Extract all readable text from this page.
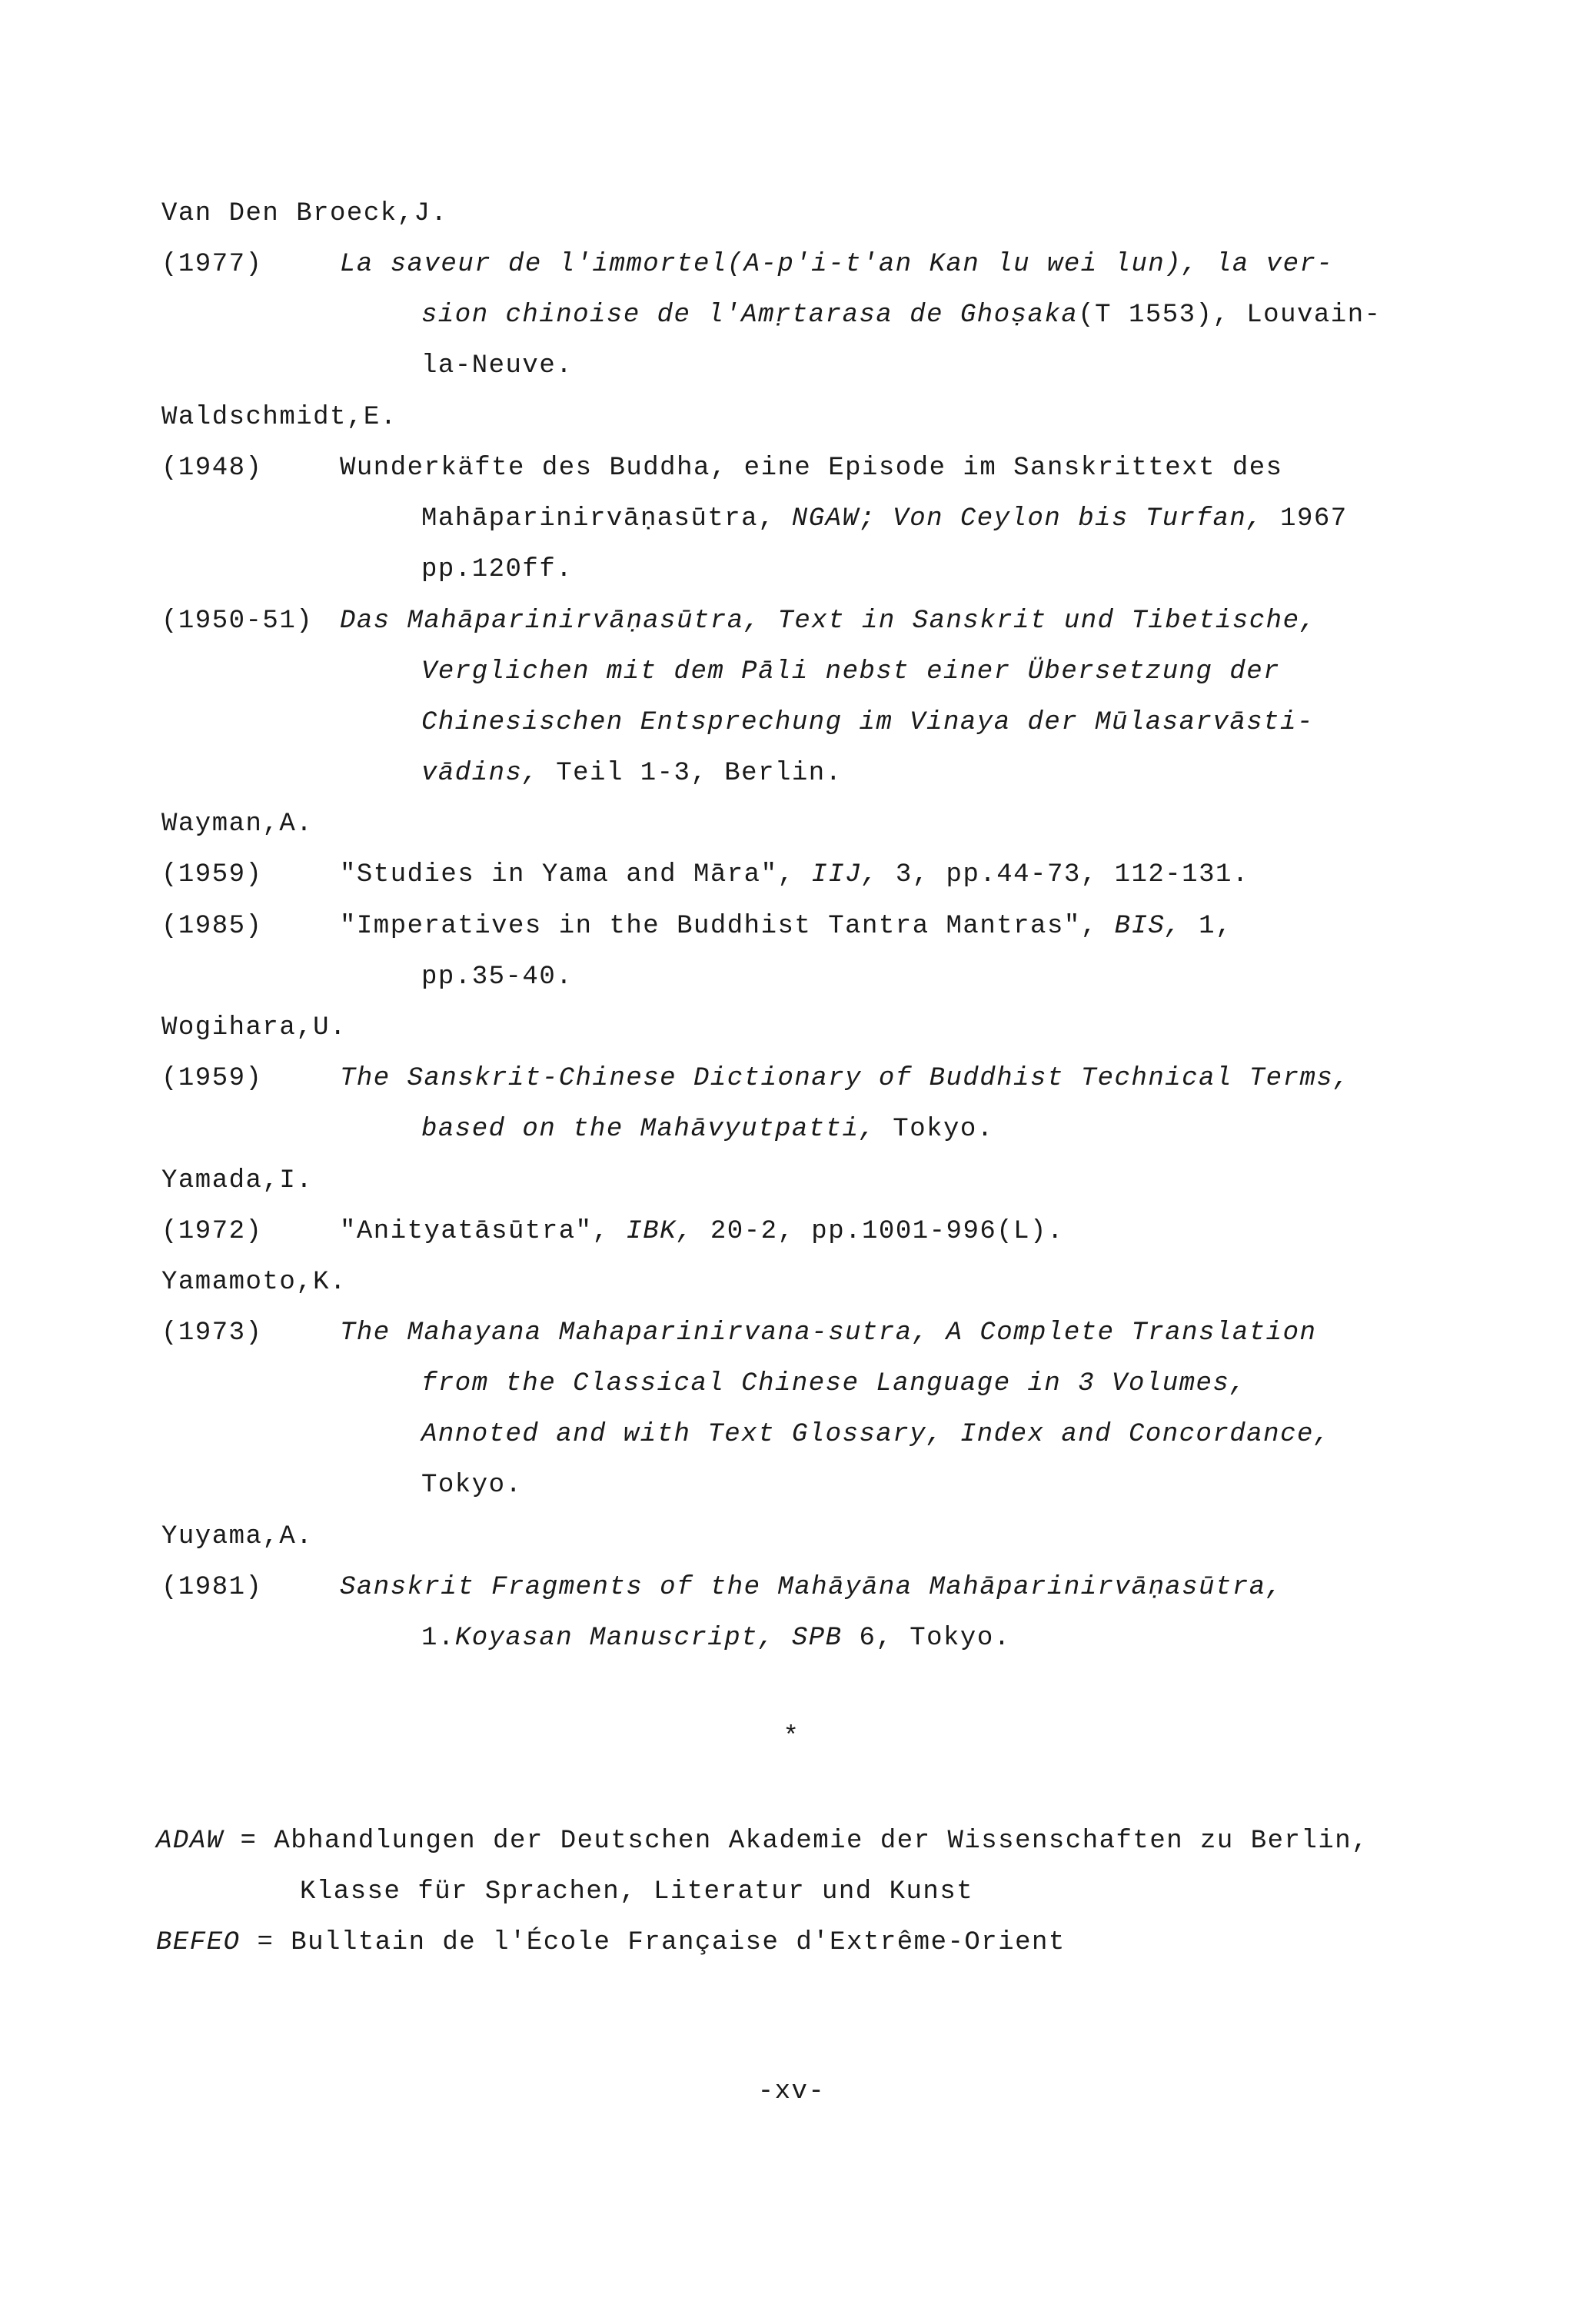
Van Den Broeck,J.
(1977)	La saveur de l'immortel(A-p'i-t'an Kan lu wei lun), la ver-
sion chinoise de l'Amṛtarasa de Ghoṣaka(T 1553), Louvain-
la-Neuve.
Waldschmidt,E.
(1948)	Wunderkäfte des Buddha, eine Episode im Sanskrittext des
Mahāparinirvāṇasūtra, NGAW; Von Ceylon bis Turfan, 1967
pp.120ff.
(1950-51) Das Mahāparinirvāṇasūtra, Text in Sanskrit und Tibetische,
Verglichen mit dem Pāli nebst einer Übersetzung der
Chinesischen Entsprechung im Vinaya der Mūlasarvāsti-
vādins, Teil 1-3, Berlin.
Wayman,A.
(1959)	"Studies in Yama and Māra", IIJ, 3, pp.44-73, 112-131.
(1985)	"Imperatives in the Buddhist Tantra Mantras", BIS, 1,
pp.35-40.
Wogihara,U.
(1959)	The Sanskrit-Chinese Dictionary of Buddhist Technical Terms,
based on the Mahāvyutpatti, Tokyo.
Yamada,I.
(1972)	"Anityatāsūtra", IBK, 20-2, pp.1001-996(L).
Yamamoto,K.
(1973)	The Mahayana Mahaparinirvana-sutra, A Complete Translation
from the Classical Chinese Language in 3 Volumes,
Annoted and with Text Glossary, Index and Concordance,
Tokyo.
Yuyama,A.
(1981)	Sanskrit Fragments of the Mahāyāna Mahāparinirvāṇasūtra,
1.Koyasan Manuscript, SPB 6, Tokyo.
*
ADAW = Abhandlungen der Deutschen Akademie der Wissenschaften zu Berlin,
Klasse für Sprachen, Literatur und Kunst
BEFEO = Bulltain de l'École Française d'Extrême-Orient
-xv-
